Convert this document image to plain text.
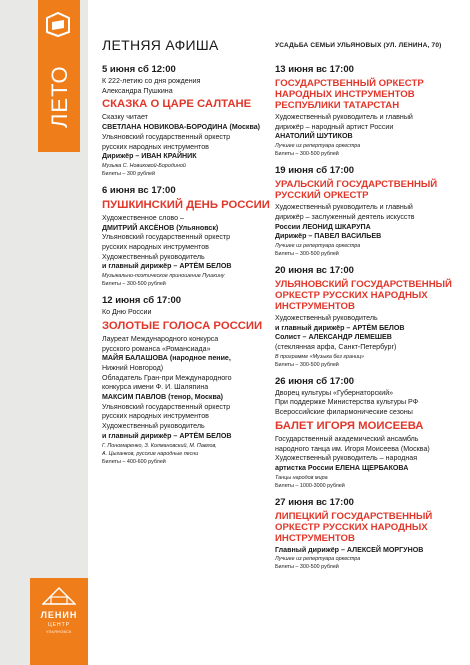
ЛЕТО
ЛЕНИН
ЦЕНТР
УЛЬЯНОВСК
ЛЕТНЯЯ АФИША	УСАДЬБА СЕМЬИ УЛЬЯНОВЫХ (УЛ. ЛЕНИНА, 70)
5 июня сб 12:00
К 222-летию со дня рождения
Александра Пушкина
СКАЗКА О ЦАРЕ САЛТАНЕ
Сказку читает
СВЕТЛАНА НОВИКОВА-БОРОДИНА (Москва)
Ульяновский государственный оркестр
русских народных инструментов
Дирижёр – ИВАН КРАЙНИК
Музыка С. Новиковой-Бородиной
Билеты – 300 рублей
6 июня вс 17:00
ПУШКИНСКИЙ ДЕНЬ РОССИИ
Художественное слово –
ДМИТРИЙ АКСЁНОВ (Ульяновск)
Ульяновский государственный оркестр
русских народных инструментов
Художественный руководитель
и главный дирижёр – АРТЁМ БЕЛОВ
Музыкально-поэтическое приношение Пушкину
Билеты – 300-500 рублей
12 июня сб 17:00
Ко Дню России
ЗОЛОТЫЕ ГОЛОСА РОССИИ
Лауреат Международного конкурса
русского романса «Романсиада»
МАЙЯ БАЛАШОВА (народное пение,
Нижний Новгород)
Обладатель Гран-при Международного
конкурса имени Ф. И. Шаляпина
МАКСИМ ПАВЛОВ (тенор, Москва)
Ульяновский государственный оркестр
русских народных инструментов
Художественный руководитель
и главный дирижёр – АРТЁМ БЕЛОВ
Г. Пономаренко, З. Колмановский, М. Павлов,
А. Цыганков, русские народные песни
Билеты – 400-600 рублей
13 июня вс 17:00
ГОСУДАРСТВЕННЫЙ ОРКЕСТР НАРОДНЫХ ИНСТРУМЕНТОВ РЕСПУБЛИКИ ТАТАРСТАН
Художественный руководитель и главный
дирижёр – народный артист России
АНАТОЛИЙ ШУТИКОВ
Лучшее из репертуара оркестра
Билеты – 300-500 рублей
19 июня сб 17:00
УРАЛЬСКИЙ ГОСУДАРСТВЕННЫЙ РУССКИЙ ОРКЕСТР
Художественный руководитель и главный
дирижёр – заслуженный деятель искусств
России ЛЕОНИД ШКАРУПА
Дирижёр – ПАВЕЛ ВАСИЛЬЕВ
Лучшее из репертуара оркестра
Билеты – 300-500 рублей
20 июня вс 17:00
УЛЬЯНОВСКИЙ ГОСУДАРСТВЕННЫЙ ОРКЕСТР РУССКИХ НАРОДНЫХ ИНСТРУМЕНТОВ
Художественный руководитель
и главный дирижёр – АРТЁМ БЕЛОВ
Солист – АЛЕКСАНДР ЛЕМЕШЕВ
(стеклянная арфа, Санкт-Петербург)
В программе «Музыка без границ»
Билеты – 300-500 рублей
26 июня сб 17:00
Дворец культуры «Губернаторский»
При поддержке Министерства культуры РФ
Всероссийские филармонические сезоны
БАЛЕТ ИГОРЯ МОИСЕЕВА
Государственный академический ансамбль
народного танца им. Игоря Моисеева (Москва)
Художественный руководитель – народная
артистка России ЕЛЕНА ЩЕРБАКОВА
Танцы народов мира
Билеты – 1000-3000 рублей
27 июня вс 17:00
ЛИПЕЦКИЙ ГОСУДАРСТВЕННЫЙ ОРКЕСТР РУССКИХ НАРОДНЫХ ИНСТРУМЕНТОВ
Главный дирижёр – АЛЕКСЕЙ МОРГУНОВ
Лучшее из репертуара оркестра
Билеты – 300-500 рублей
